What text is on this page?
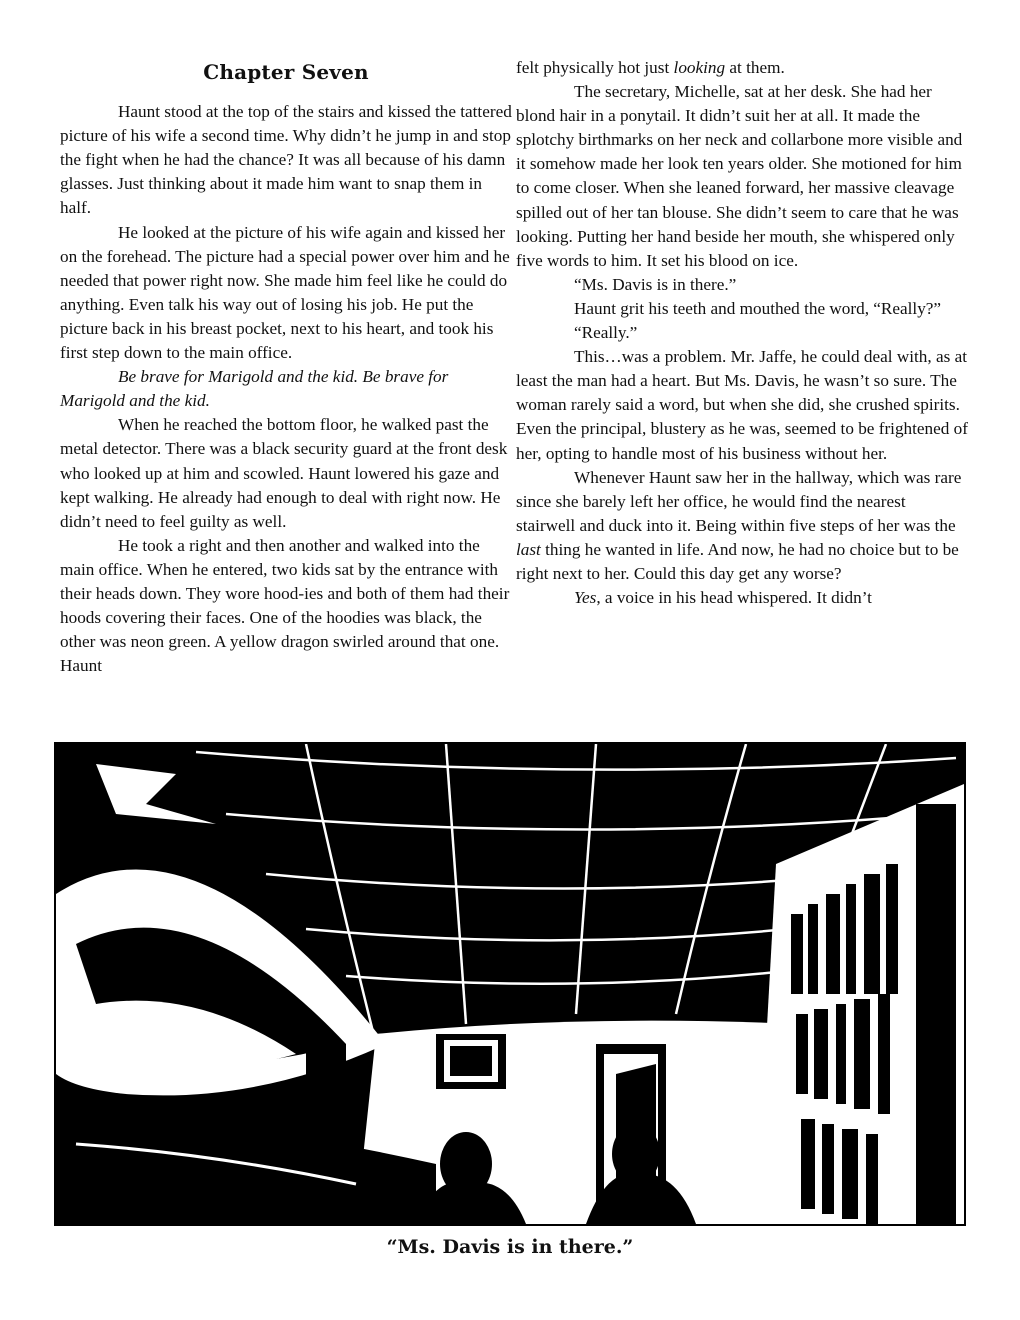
Chapter Seven

Haunt stood at the top of the stairs and kissed the tattered picture of his wife a second time. Why didn’t he jump in and stop the fight when he had the chance? It was all because of his damn glasses. Just thinking about it made him want to snap them in half.

He looked at the picture of his wife again and kissed her on the forehead. The picture had a special power over him and he needed that power right now. She made him feel like he could do anything. Even talk his way out of losing his job. He put the picture back in his breast pocket, next to his heart, and took his first step down to the main office.

Be brave for Marigold and the kid. Be brave for Marigold and the kid.

When he reached the bottom floor, he walked past the metal detector. There was a black security guard at the front desk who looked up at him and scowled. Haunt lowered his gaze and kept walking. He already had enough to deal with right now. He didn’t need to feel guilty as well.

He took a right and then another and walked into the main office. When he entered, two kids sat by the entrance with their heads down. They wore hood-ies and both of them had their hoods covering their faces. One of the hoodies was black, the other was neon green. A yellow dragon swirled around that one. Haunt

felt physically hot just looking at them.

The secretary, Michelle, sat at her desk. She had her blond hair in a ponytail. It didn’t suit her at all. It made the splotchy birthmarks on her neck and collarbone more visible and it somehow made her look ten years older. She motioned for him to come closer. When she leaned forward, her massive cleavage spilled out of her tan blouse. She didn’t seem to care that he was looking. Putting her hand beside her mouth, she whispered only five words to him. It set his blood on ice.

“Ms. Davis is in there.”

Haunt grit his teeth and mouthed the word, “Really?”

“Really.”

This…was a problem. Mr. Jaffe, he could deal with, as at least the man had a heart. But Ms. Davis, he wasn’t so sure. The woman rarely said a word, but when she did, she crushed spirits. Even the principal, blustery as he was, seemed to be frightened of her, opting to handle most of his business without her.

Whenever Haunt saw her in the hallway, which was rare since she barely left her office, he would find the nearest stairwell and duck into it. Being within five steps of her was the last thing he wanted in life. And now, he had no choice but to be right next to her. Could this day get any worse?

Yes, a voice in his head whispered. It didn’t

“Ms. Davis is in there.”
